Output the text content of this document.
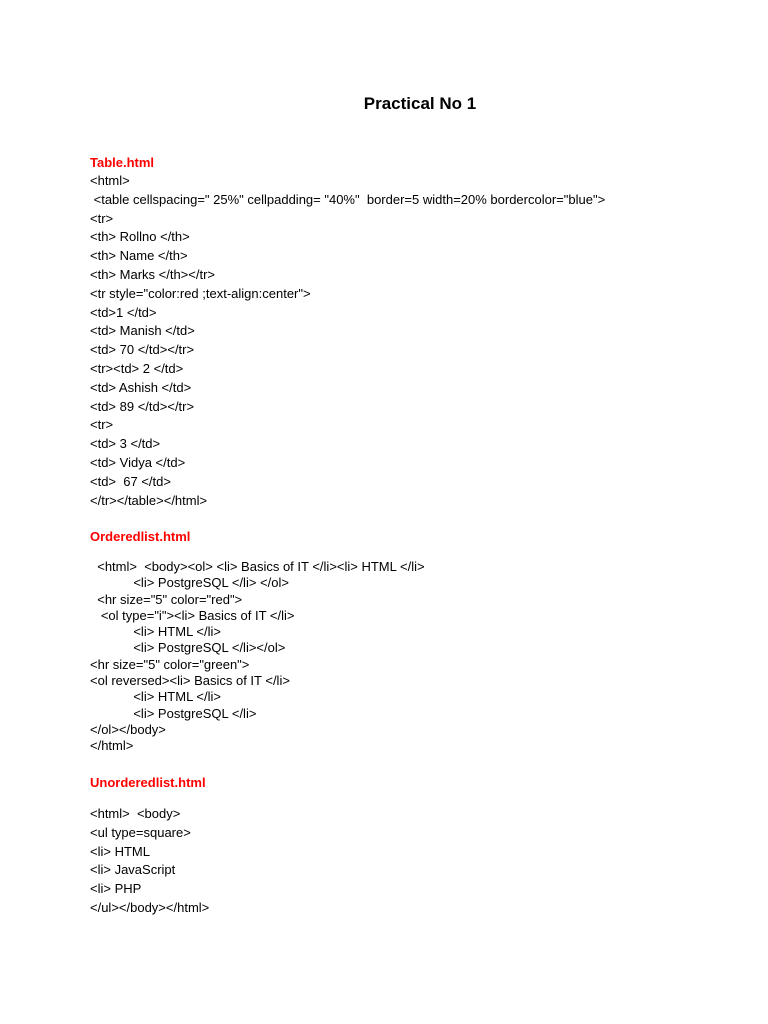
Practical No 1
Table.html
<html>
<table cellspacing=" 25%" cellpadding= "40%"  border=5 width=20% bordercolor="blue">
<tr>
<th> Rollno </th>
<th> Name </th>
<th> Marks </th></tr>
<tr style="color:red ;text-align:center">
<td>1 </td>
<td> Manish </td>
<td> 70 </td></tr>
<tr><td> 2 </td>
<td> Ashish </td>
<td> 89 </td></tr>
<tr>
<td> 3 </td>
<td> Vidya </td>
<td>  67 </td>
</tr></table></html>
Orderedlist.html
<html>  <body><ol> <li> Basics of IT </li><li> HTML </li>
<li> PostgreSQL </li> </ol>
<hr size="5" color="red">
<ol type="i"><li> Basics of IT </li>
<li> HTML </li>
<li> PostgreSQL </li></ol>
<hr size="5" color="green">
<ol reversed><li> Basics of IT </li>
<li> HTML </li>
<li> PostgreSQL </li>
</ol></body>
</html>
Unorderedlist.html
<html>  <body>
<ul type=square>
<li> HTML
<li> JavaScript
<li> PHP
</ul></body></html>
